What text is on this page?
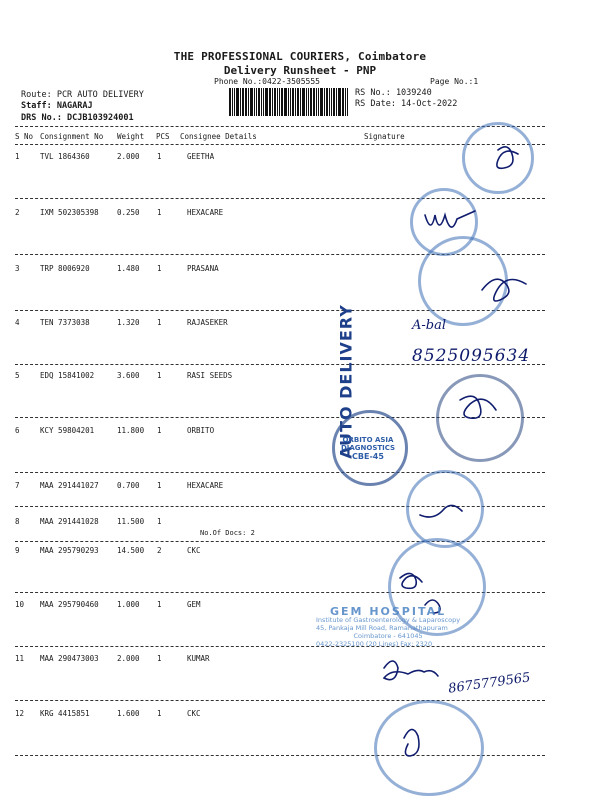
THE PROFESSIONAL COURIERS, Coimbatore
Delivery Runsheet - PNP
Phone No.:0422-3505555	Page No.:1
Route: PCR AUTO DELIVERY
Staff: NAGARAJ
DRS No.: DCJB103924001
RS No.: 1039240
RS Date: 14-Oct-2022
S No Consignment No Weight PCS Consignee Details	Signature
1	TVL 1864360	2.000 1	GEETHA
2	IXM 502305398 0.250 1	HEXACARE
3	TRP 8006920	1.480 1	PRASANA
4	TEN 7373038	1.320 1	RAJASEKER
5	EDQ 15841002	3.600 1	RASI SEEDS
6	KCY 59804201	11.800 1	ORBITO
7	MAA 291441027 0.700 1	HEXACARE
8	MAA 291441028 11.500 1
9	MAA 295790293 14.500 2	CKC
10 MAA 295790460 1.000 1	GEM
11 MAA 290473003 2.000 1	KUMAR
12 KRG 4415851	1.600 1	CKC
No.Of Docs: 2
AUTO DELIVERY
ORBITO ASIA DIAGNOSTICS
CBE-45
A-bal
8525095634
8675779565
GEM HOSPITAL
Institute of Gastroenterology & Laparoscopy
45, Pankaja Mill Road, Ramanathapuram
Coimbatore - 641045
0422-2325100 (20 Lines) Fax: 2320
